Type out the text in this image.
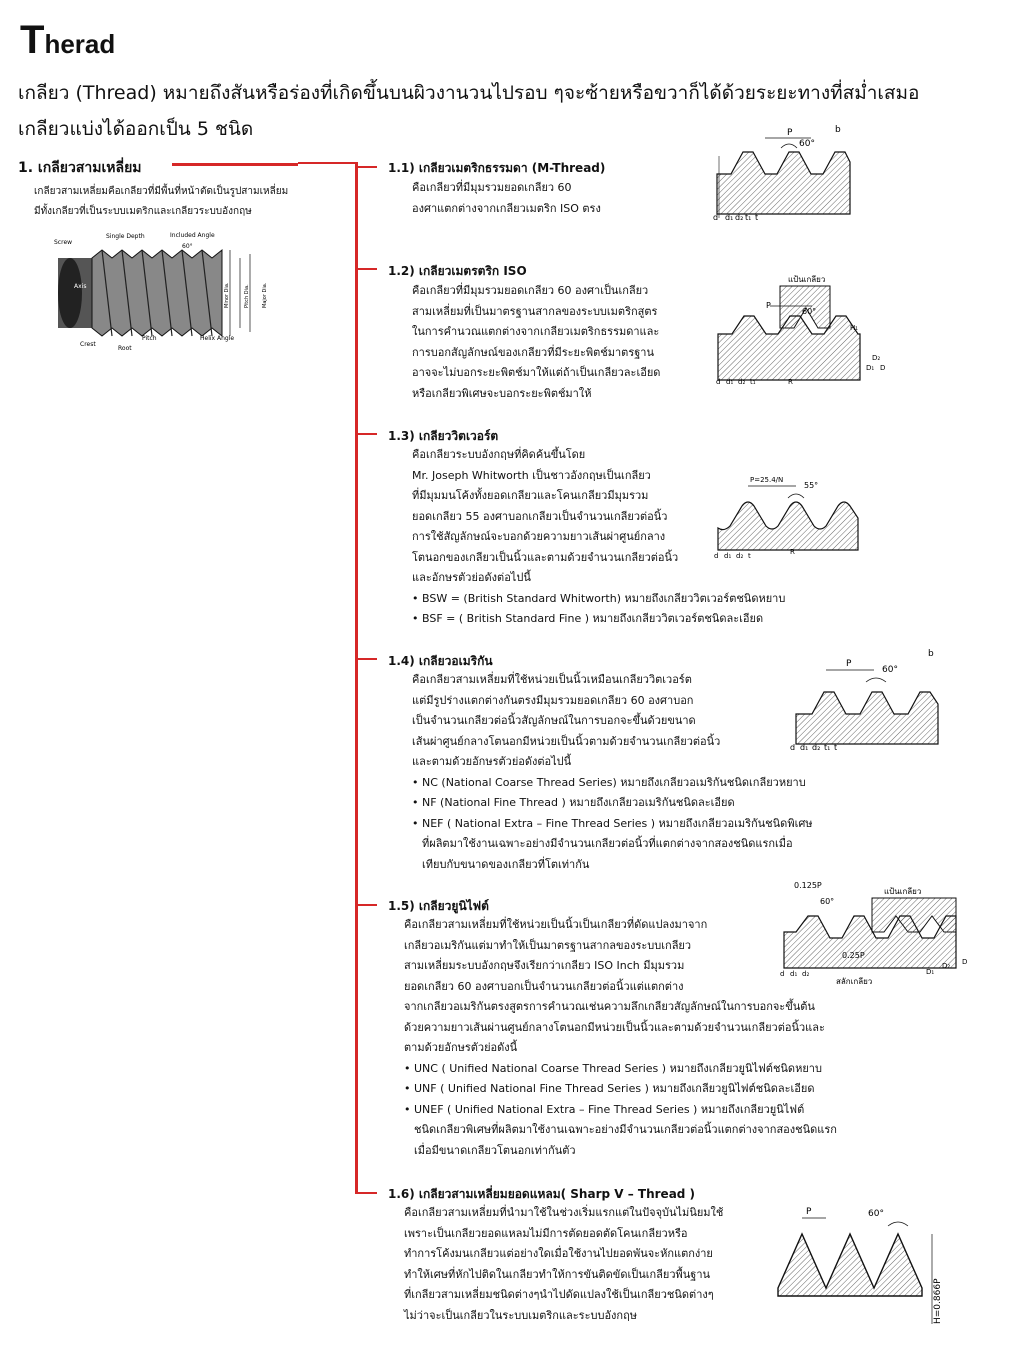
Therad
เกลียว (Thread) หมายถึงสันหรือร่องที่เกิดขึ้นบนผิวงานวนไปรอบ ๆจะซ้ายหรือขวาก็ได้ด้วยระยะทางที่สม่ำเสมอ
เกลียวแบ่งได้ออกเป็น 5 ชนิด
1. เกลียวสามเหลี่ยม
เกลียวสามเหลี่ยมคือเกลียวที่มีพื้นที่หน้าตัดเป็นรูปสามเหลี่ยม
มีทั้งเกลียวที่เป็นระบบเมตริกและเกลียวระบบอังกฤษ
Screw
Single Depth	Included Angle
60°
Axis	Minor Dia.	Pitch Dia. Major Dia.
Crest
Root
Pitch	Helix Angle
1.1) เกลียวเมตริกธรรมดา (M-Thread)

คือเกลียวที่มีมุมรวมยอดเกลียว 60

องศาแตกต่างจากเกลียวเมตริก ISO ตรง

P
60°
b
d d₁ d₂ t₁ t
1.2) เกลียวเมตรตริก ISO

คือเกลียวที่มีมุมรวมยอดเกลียว 60 องศาเป็นเกลียว

สามเหลี่ยมที่เป็นมาตรฐานสากลของระบบเมตริกสูตร

ในการคำนวณแตกต่างจากเกลียวเมตริกธรรมดาและ

การบอกสัญลักษณ์ของเกลียวที่มีระยะพิตช์มาตรฐาน

อาจจะไม่บอกระยะพิตช์มาให้แต่ถ้าเป็นเกลียวละเอียด

หรือเกลียวพิเศษจะบอกระยะพิตช์มาให้

แป้นเกลียว
P
60°
d d₁ d₂ t₁	R
D
D₁
D₂
H₁
1.3) เกลียววิตเวอร์ต

คือเกลียวระบบอังกฤษที่คิดค้นขึ้นโดย

Mr. Joseph Whitworth เป็นชาวอังกฤษเป็นเกลียว

ที่มีมุมมนโค้งทั้งยอดเกลียวและโคนเกลียวมีมุมรวม

ยอดเกลียว 55 องศาบอกเกลียวเป็นจำนวนเกลียวต่อนิ้ว

การใช้สัญลักษณ์จะบอกด้วยความยาวเส้นผ่าศูนย์กลาง

โตนอกของเกลียวเป็นนิ้วและตามด้วยจำนวนเกลียวต่อนิ้ว

และอักษรตัวย่อดังต่อไปนี้

• BSW = (British Standard Whitworth) หมายถึงเกลียววิตเวอร์ตชนิดหยาบ
• BSF = ( British Standard Fine ) หมายถึงเกลียววิตเวอร์ตชนิดละเอียด
P=25.4/N
55°
d d₁ d₂ t	R
1.4) เกลียวอเมริกัน

คือเกลียวสามเหลี่ยมที่ใช้หน่วยเป็นนิ้วเหมือนเกลียววิตเวอร์ต

แต่มีรูปร่างแตกต่างกันตรงมีมุมรวมยอดเกลียว 60 องศาบอก

เป็นจำนวนเกลียวต่อนิ้วสัญลักษณ์ในการบอกจะขึ้นด้วยขนาด

เส้นผ่าศูนย์กลางโตนอกมีหน่วยเป็นนิ้วตามด้วยจำนวนเกลียวต่อนิ้ว

และตามด้วยอักษรตัวย่อดังต่อไปนี้

• NC (National Coarse Thread Series) หมายถึงเกลียวอเมริกันชนิดเกลียวหยาบ
• NF (National Fine Thread ) หมายถึงเกลียวอเมริกันชนิดละเอียด
• NEF ( National Extra – Fine Thread Series ) หมายถึงเกลียวอเมริกันชนิดพิเศษ
ที่ผลิตมาใช้งานเฉพาะอย่างมีจำนวนเกลียวต่อนิ้วที่แตกต่างจากสองชนิดแรกเมื่อ
เทียบกับขนาดของเกลียวที่โตเท่ากัน
P
60°
b
d d₁ d₂ t₁ t
1.5) เกลียวยูนิไฟต์

คือเกลียวสามเหลี่ยมที่ใช้หน่วยเป็นนิ้วเป็นเกลียวที่ดัดแปลงมาจาก

เกลียวอเมริกันแต่มาทำให้เป็นมาตรฐานสากลของระบบเกลียว

สามเหลี่ยมระบบอังกฤษจึงเรียกว่าเกลียว ISO Inch มีมุมรวม

ยอดเกลียว 60 องศาบอกเป็นจำนวนเกลียวต่อนิ้วแต่แตกต่าง

จากเกลียวอเมริกันตรงสูตรการคำนวณเช่นความลึกเกลียวสัญลักษณ์ในการบอกจะขึ้นต้น

ด้วยความยาวเส้นผ่านศูนย์กลางโตนอกมีหน่วยเป็นนิ้วและตามด้วยจำนวนเกลียวต่อนิ้วและ

ตามด้วยอักษรตัวย่อดังนี้

• UNC ( Unified National Coarse Thread Series ) หมายถึงเกลียวยูนิไฟต์ชนิดหยาบ
• UNF ( Unified National Fine Thread Series ) หมายถึงเกลียวยูนิไฟต์ชนิดละเอียด
• UNEF ( Unified National Extra – Fine Thread Series ) หมายถึงเกลียวยูนิไฟต์
ชนิดเกลียวพิเศษที่ผลิตมาใช้งานเฉพาะอย่างมีจำนวนเกลียวต่อนิ้วแตกต่างจากสองชนิดแรก
เมื่อมีขนาดเกลียวโตนอกเท่ากันตัว
0.125P
60°
แป้นเกลียว
0.25P
สลักเกลียว
d d₁ d₂	D₁
D₂ D
1.6) เกลียวสามเหลี่ยมยอดแหลม( Sharp V – Thread )

คือเกลียวสามเหลี่ยมที่นำมาใช้ในช่วงเริ่มแรกแต่ในปัจจุบันไม่นิยมใช้

เพราะเป็นเกลียวยอดแหลมไม่มีการตัดยอดตัดโคนเกลียวหรือ

ทำการโค้งมนเกลียวแต่อย่างใดเมื่อใช้งานไปยอดพันจะหักแตกง่าย

ทำให้เศษที่หักไปติดในเกลียวทำให้การขันติดขัดเป็นเกลียวพื้นฐาน

ที่เกลียวสามเหลี่ยมชนิดต่างๆนำไปดัดแปลงใช้เป็นเกลียวชนิดต่างๆ

ไม่ว่าจะเป็นเกลียวในระบบเมตริกและระบบอังกฤษ

P	60°
H=0.866P
